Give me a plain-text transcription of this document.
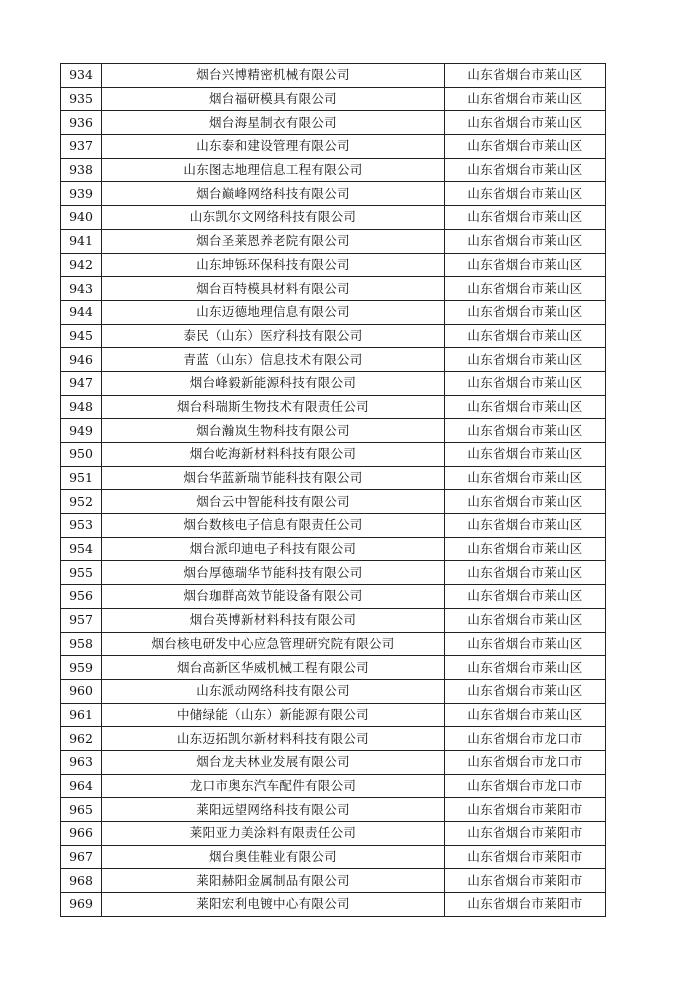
934	烟台兴博精密机械有限公司	山东省烟台市莱山区
935	烟台福研模具有限公司	山东省烟台市莱山区
936	烟台海星制衣有限公司	山东省烟台市莱山区
937	山东泰和建设管理有限公司	山东省烟台市莱山区
938	山东图志地理信息工程有限公司	山东省烟台市莱山区
939	烟台巅峰网络科技有限公司	山东省烟台市莱山区
940	山东凯尔文网络科技有限公司	山东省烟台市莱山区
941	烟台圣莱恩养老院有限公司	山东省烟台市莱山区
942	山东坤铄环保科技有限公司	山东省烟台市莱山区
943	烟台百特模具材料有限公司	山东省烟台市莱山区
944	山东迈德地理信息有限公司	山东省烟台市莱山区
945	泰民（山东）医疗科技有限公司	山东省烟台市莱山区
946	青蓝（山东）信息技术有限公司	山东省烟台市莱山区
947	烟台峰毅新能源科技有限公司	山东省烟台市莱山区
948	烟台科瑞斯生物技术有限责任公司	山东省烟台市莱山区
949	烟台瀚岚生物科技有限公司	山东省烟台市莱山区
950	烟台屹海新材料科技有限公司	山东省烟台市莱山区
951	烟台华蓝新瑞节能科技有限公司	山东省烟台市莱山区
952	烟台云中智能科技有限公司	山东省烟台市莱山区
953	烟台数核电子信息有限责任公司	山东省烟台市莱山区
954	烟台派印迪电子科技有限公司	山东省烟台市莱山区
955	烟台厚德瑞华节能科技有限公司	山东省烟台市莱山区
956	烟台珈群高效节能设备有限公司	山东省烟台市莱山区
957	烟台英博新材料科技有限公司	山东省烟台市莱山区
958	烟台核电研发中心应急管理研究院有限公司	山东省烟台市莱山区
959	烟台高新区华威机械工程有限公司	山东省烟台市莱山区
960	山东派动网络科技有限公司	山东省烟台市莱山区
961	中储绿能（山东）新能源有限公司	山东省烟台市莱山区
962	山东迈拓凯尔新材料科技有限公司	山东省烟台市龙口市
963	烟台龙夫林业发展有限公司	山东省烟台市龙口市
964	龙口市奥东汽车配件有限公司	山东省烟台市龙口市
965	莱阳远望网络科技有限公司	山东省烟台市莱阳市
966	莱阳亚力美涂料有限责任公司	山东省烟台市莱阳市
967	烟台奥佳鞋业有限公司	山东省烟台市莱阳市
968	莱阳赫阳金属制品有限公司	山东省烟台市莱阳市
969	莱阳宏利电镀中心有限公司	山东省烟台市莱阳市
